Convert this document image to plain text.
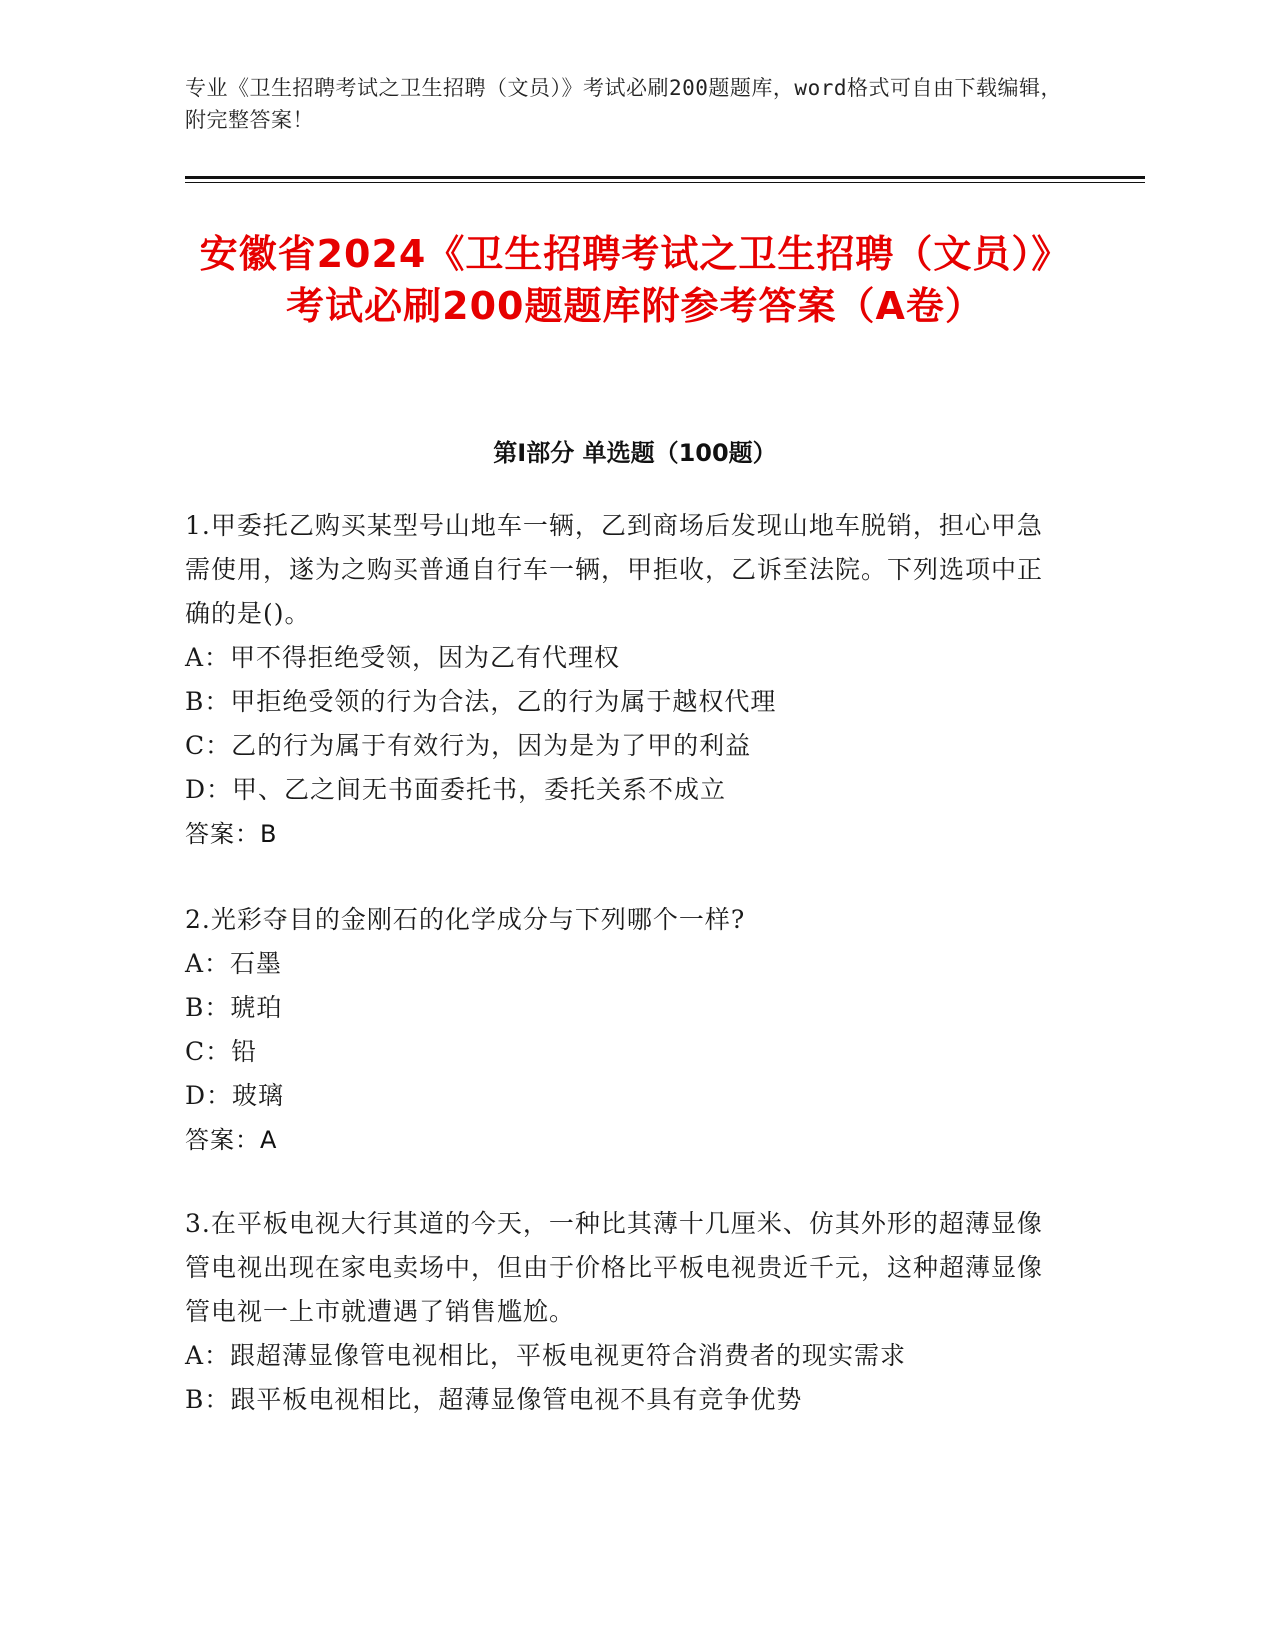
专业《卫生招聘考试之卫生招聘（文员）》考试必刷200题题库，word格式可自由下载编辑，附完整答案！
安徽省2024《卫生招聘考试之卫生招聘（文员）》考试必刷200题题库附参考答案（A卷）
第Ⅰ部分 单选题（100题）
1.甲委托乙购买某型号山地车一辆，乙到商场后发现山地车脱销，担心甲急需使用，遂为之购买普通自行车一辆，甲拒收，乙诉至法院。下列选项中正确的是()。
A：甲不得拒绝受领，因为乙有代理权
B：甲拒绝受领的行为合法，乙的行为属于越权代理
C：乙的行为属于有效行为，因为是为了甲的利益
D：甲、乙之间无书面委托书，委托关系不成立
答案：B
2.光彩夺目的金刚石的化学成分与下列哪个一样?
A：石墨
B：琥珀
C：铅
D：玻璃
答案：A
3.在平板电视大行其道的今天，一种比其薄十几厘米、仿其外形的超薄显像管电视出现在家电卖场中，但由于价格比平板电视贵近千元，这种超薄显像管电视一上市就遭遇了销售尴尬。
A：跟超薄显像管电视相比，平板电视更符合消费者的现实需求
B：跟平板电视相比，超薄显像管电视不具有竞争优势
